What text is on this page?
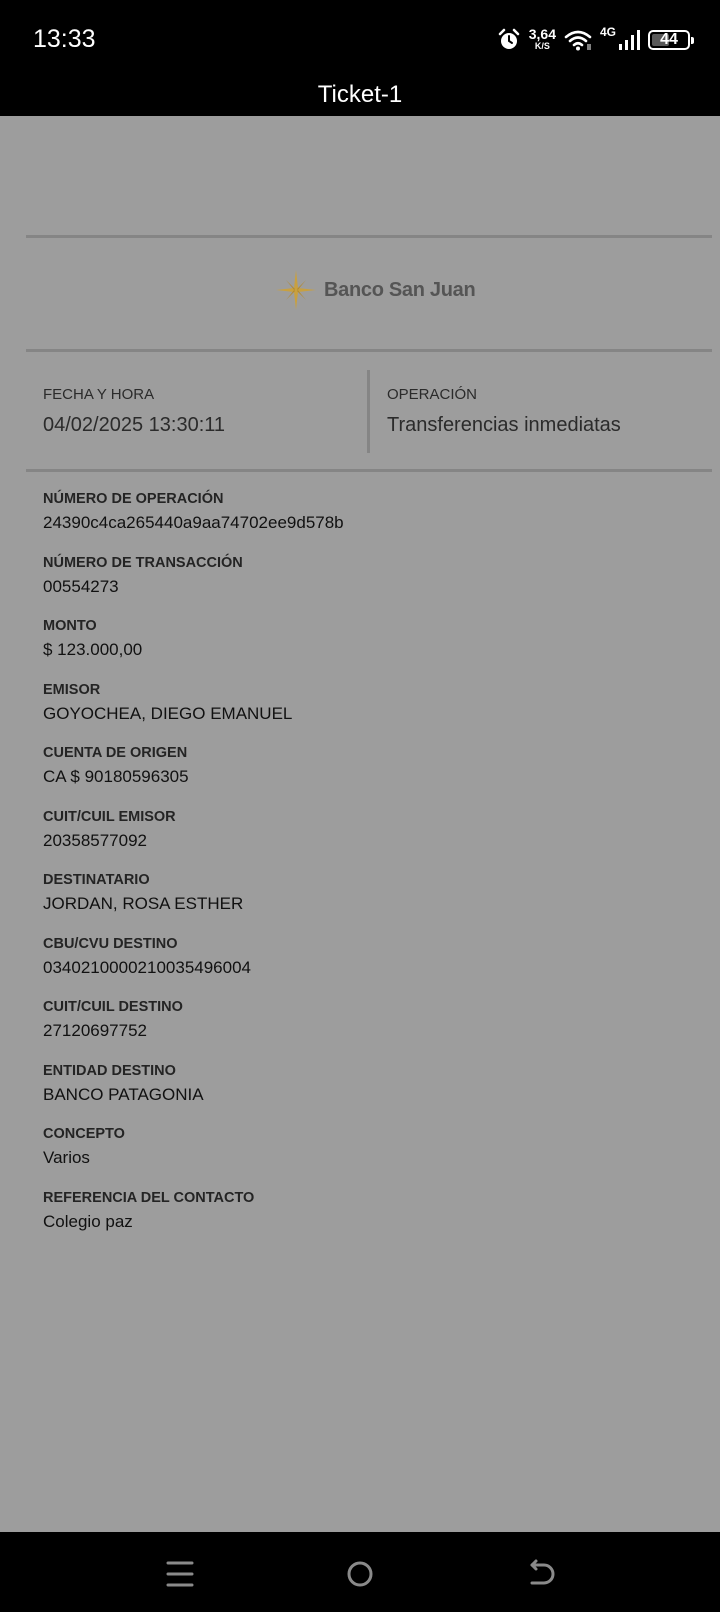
13:33	3,64
K/S
4G	44
Ticket-1
Banco San Juan
FECHA Y HORA
04/02/2025 13:30:11
OPERACIÓN
Transferencias inmediatas
NÚMERO DE OPERACIÓN
24390c4ca265440a9aa74702ee9d578b
NÚMERO DE TRANSACCIÓN
00554273
MONTO
$ 123.000,00
EMISOR
GOYOCHEA, DIEGO EMANUEL
CUENTA DE ORIGEN
CA $ 90180596305
CUIT/CUIL EMISOR
20358577092
DESTINATARIO
JORDAN, ROSA ESTHER
CBU/CVU DESTINO
0340210000210035496004
CUIT/CUIL DESTINO
27120697752
ENTIDAD DESTINO
BANCO PATAGONIA
CONCEPTO
Varios
REFERENCIA DEL CONTACTO
Colegio paz
